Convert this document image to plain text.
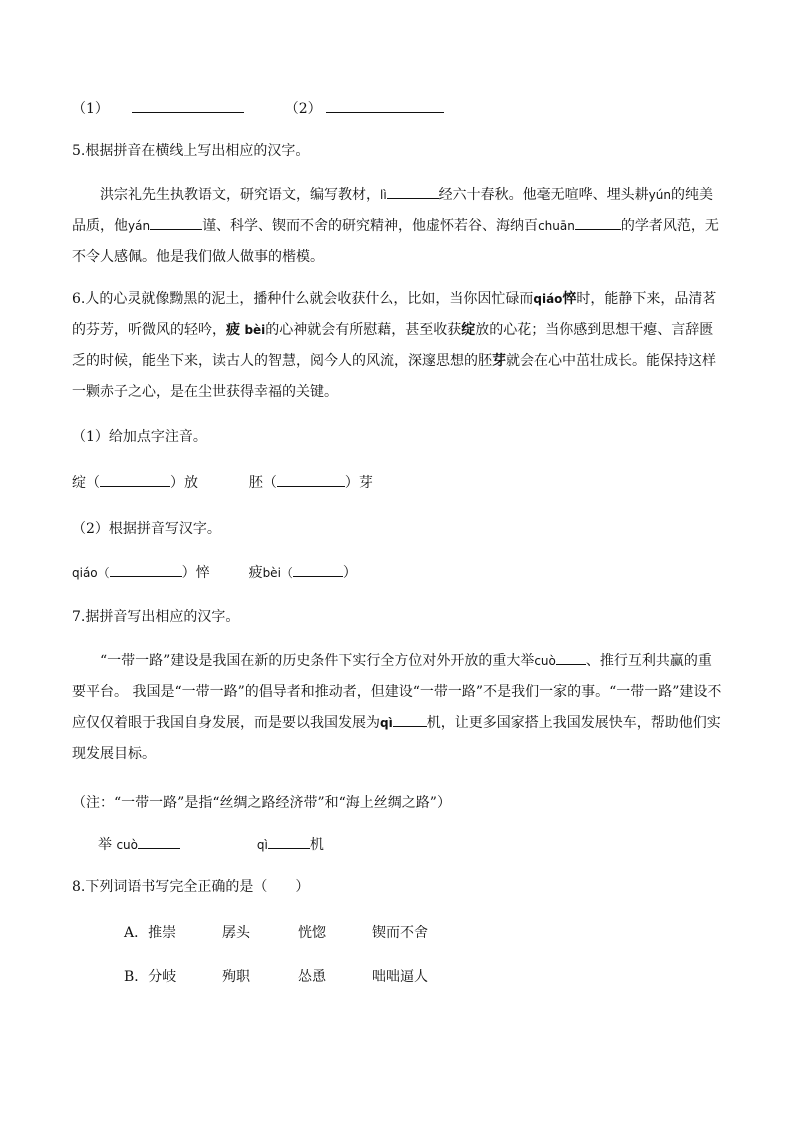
（1）	（2）
5.根据拼音在横线上写出相应的汉字。
洪宗礼先生执教语文，研究语文，编写教材，lì	经六十春秋。他毫无喧哗、埋头耕yún的纯美品质，他yán	谨、科学、锲而不舍的研究精神，他虚怀若谷、海纳百chuān	的学者风范，无不令人感佩。他是我们做人做事的楷模。
6.人的心灵就像黝黑的泥土，播种什么就会收获什么，比如，当你因忙碌而qiáo悴时，能静下来，品清茗的芬芳，听微风的轻吟，疲 bèi的心神就会有所慰藉，甚至收获绽放的心花；当你感到思想干瘪、言辞匮乏的时候，能坐下来，读古人的智慧，阅今人的风流，深邃思想的胚芽就会在心中茁壮成长。能保持这样一颗赤子之心，是在尘世获得幸福的关键。
（1）给加点字注音。
绽（	）放	胚（	）芽
（2）根据拼音写汉字。
qiáo（	）悴	疲bèi（	）
7.据拼音写出相应的汉字。
“一带一路”建设是我国在新的历史条件下实行全方位对外开放的重大举cuò 、推行互利共赢的重要平台。 我国是“一带一路”的倡导者和推动者，但建设“一带一路”不是我们一家的事。“一带一路”建设不应仅仅着眼于我国自身发展，而是要以我国发展为qì 机，让更多国家搭上我国发展快车，帮助他们实现发展目标。
（注：“一带一路”是指“丝绸之路经济带”和“海上丝绸之路”）
举 cuò	qì	机
8.下列词语书写完全正确的是（　　）
A．推崇	孱头	恍惚	锲而不舍
B．分岐	殉职	怂恿	咄咄逼人
